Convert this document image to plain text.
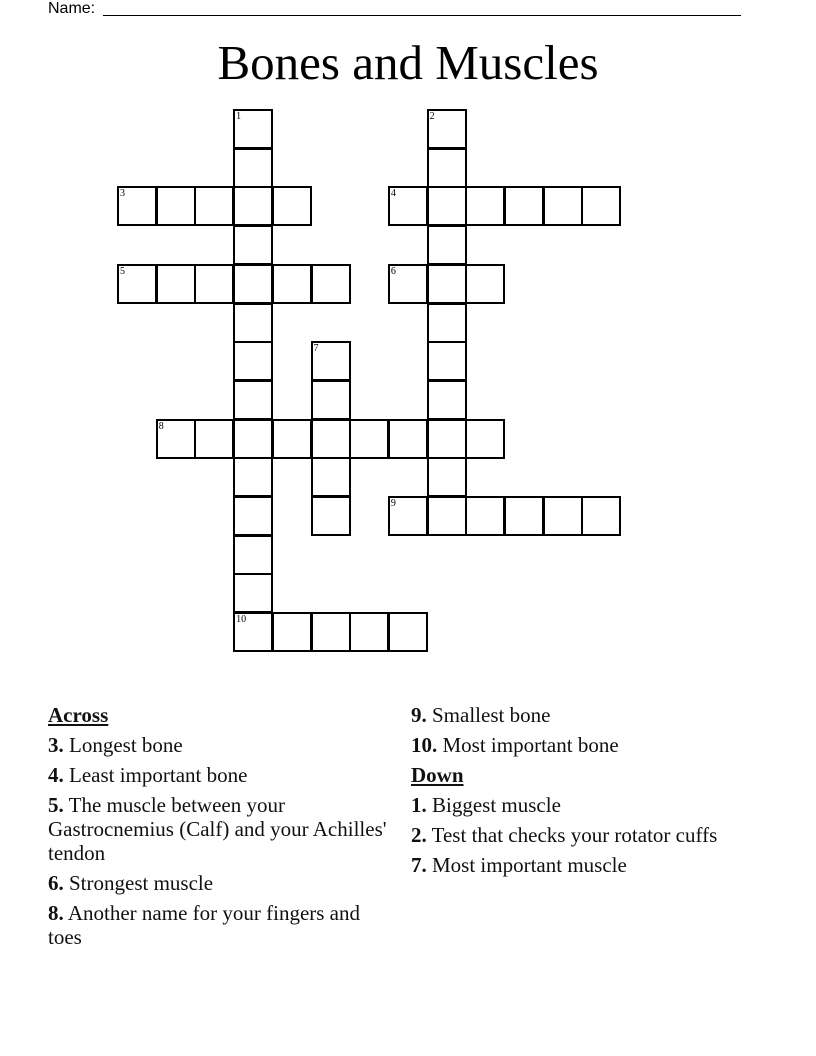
Name:
Bones and Muscles
1	2
3	4
5	6
7
8
9
10
Across
3. Longest bone
4. Least important bone
5. The muscle between your Gastrocnemius (Calf) and your Achilles' tendon
6. Strongest muscle
8. Another name for your fingers and toes
9. Smallest bone
10. Most important bone
Down
1. Biggest muscle
2. Test that checks your rotator cuffs
7. Most important muscle
